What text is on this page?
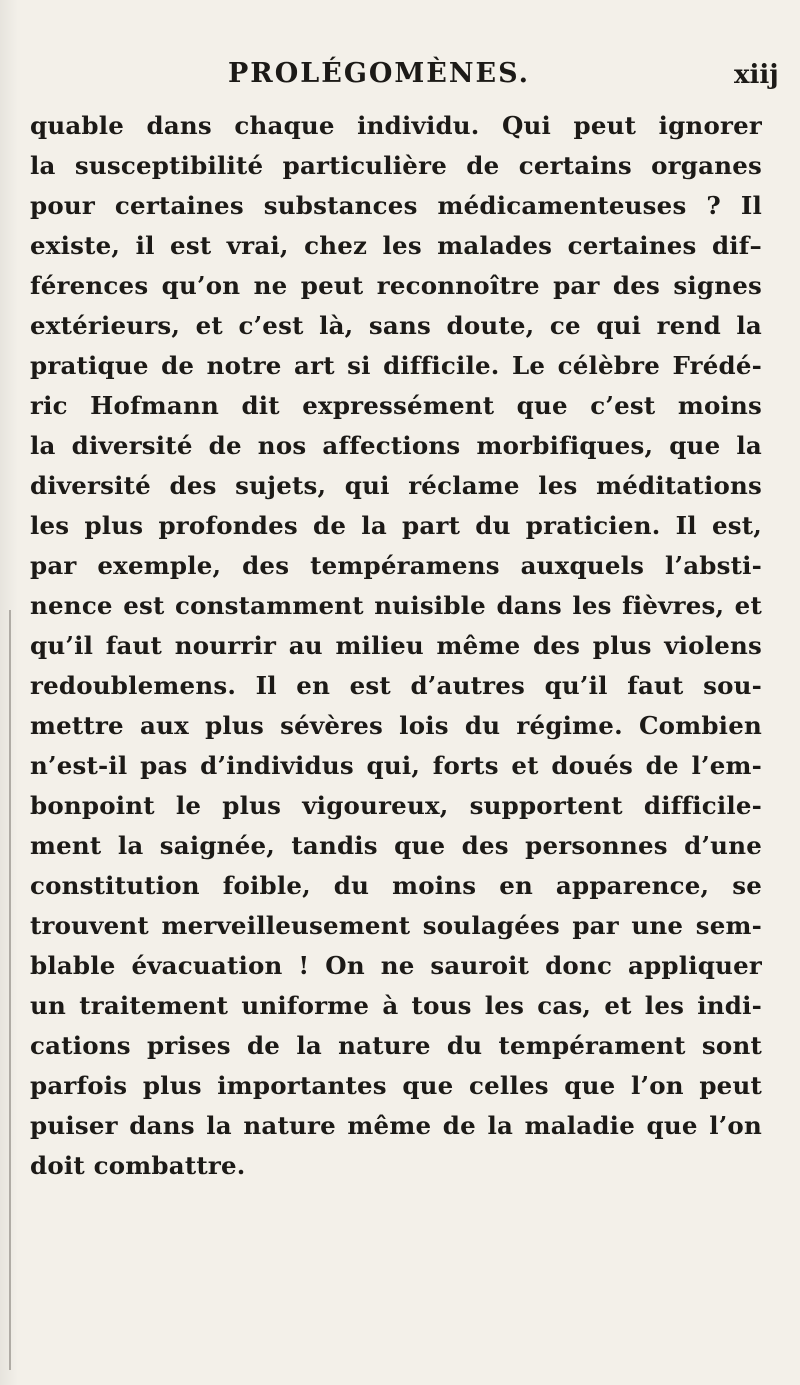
PROLÉGOMÈNES.	xiij
quable dans chaque individu. Qui peut ignorer
la susceptibilité particulière de certains organes
pour certaines substances médicamenteuses ? Il
existe, il est vrai, chez les malades certaines dif–
férences qu’on ne peut reconnoître par des signes
extérieurs, et c’est là, sans doute, ce qui rend la
pratique de notre art si difficile. Le célèbre Frédé-
ric Hofmann dit expressément que c’est moins
la diversité de nos affections morbifiques, que la
diversité des sujets, qui réclame les méditations
les plus profondes de la part du praticien. Il est,
par exemple, des tempéramens auxquels l’absti-
nence est constamment nuisible dans les fièvres, et
qu’il faut nourrir au milieu même des plus violens
redoublemens. Il en est d’autres qu’il faut sou-
mettre aux plus sévères lois du régime. Combien
n’est-il pas d’individus qui, forts et doués de l’em-
bonpoint le plus vigoureux, supportent difficile-
ment la saignée, tandis que des personnes d’une
constitution foible, du moins en apparence, se
trouvent merveilleusement soulagées par une sem-
blable évacuation ! On ne sauroit donc appliquer
un traitement uniforme à tous les cas, et les indi-
cations prises de la nature du tempérament sont
parfois plus importantes que celles que l’on peut
puiser dans la nature même de la maladie que l’on
doit combattre.
